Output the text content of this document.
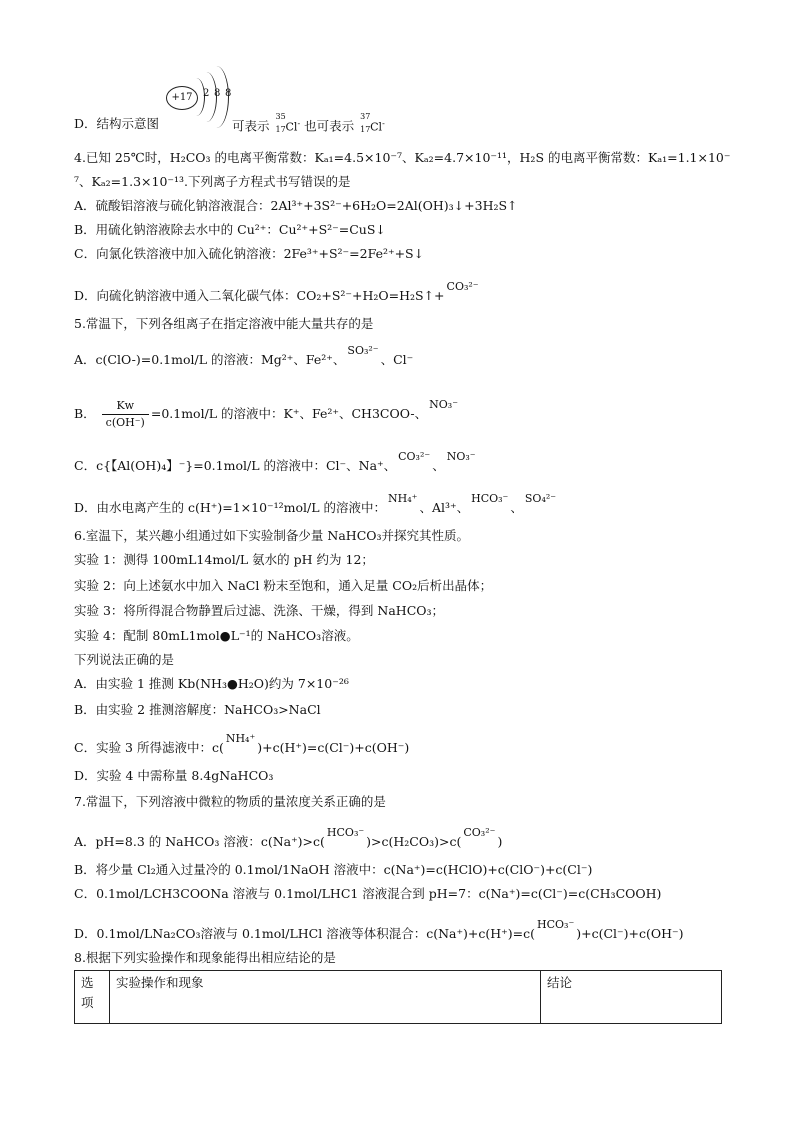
D．结构示意图
+17	2 8 8
可表示
35
17 Cl- 也可表示
37
17 Cl-
4.已知 25℃时，H₂CO₃ 的电离平衡常数：Kₐ₁=4.5×10⁻⁷、Kₐ₂=4.7×10⁻¹¹，H₂S 的电离平衡常数：Kₐ₁=1.1×10⁻
⁷、Kₐ₂=1.3×10⁻¹³.下列离子方程式书写错误的是
A．硫酸铝溶液与硫化钠溶液混合：2Al³⁺+3S²⁻+6H₂O=2Al(OH)₃↓+3H₂S↑
B．用硫化钠溶液除去水中的 Cu²⁺：Cu²⁺+S²⁻=CuS↓
C．向氯化铁溶液中加入硫化钠溶液：2Fe³⁺+S²⁻=2Fe²⁺+S↓
D．向硫化钠溶液中通入二氧化碳气体：CO₂+S²⁻+H₂O=H₂S↑+CO₃²⁻
5.常温下，下列各组离子在指定溶液中能大量共存的是
A．c(ClO-)=0.1mol/L 的溶液：Mg²⁺、Fe²⁺、SO₃²⁻、Cl⁻
B． $\frac{Kw}{c(OH^-)} =0.1mol/L$ 的溶液中：K⁺、Fe²⁺、CH3COO-、NO₃⁻
C．c{【Al(OH)₄】⁻}=0.1mol/L 的溶液中：Cl⁻、Na⁺、CO₃²⁻、NO₃⁻
D．由水电离产生的 c(H⁺)=1×10⁻¹²mol/L 的溶液中：NH₄⁺、Al³⁺、HCO₃⁻、SO₄²⁻
6.室温下，某兴趣小组通过如下实验制备少量 NaHCO₃并探究其性质。
实验 1：测得 100mL14mol/L 氨水的 pH 约为 12；
实验 2：向上述氨水中加入 NaCl 粉末至饱和，通入足量 CO₂后析出晶体；
实验 3：将所得混合物静置后过滤、洗涤、干燥，得到 NaHCO₃；
实验 4：配制 80mL1mol●L⁻¹的 NaHCO₃溶液。
下列说法正确的是
A．由实验 1 推测 Kb(NH₃●H₂O)约为 7×10⁻²⁶
B．由实验 2 推测溶解度：NaHCO₃>NaCl
C．实验 3 所得滤液中：c(NH₄⁺)+c(H⁺)=c(Cl⁻)+c(OH⁻)
D．实验 4 中需称量 8.4gNaHCO₃
7.常温下，下列溶液中微粒的物质的量浓度关系正确的是
A．pH=8.3 的 NaHCO₃ 溶液：c(Na⁺)>c(HCO₃⁻)>c(H₂CO₃)>c(CO₃²⁻)
B．将少量 Cl₂通入过量冷的 0.1mol/1NaOH 溶液中：c(Na⁺)=c(HClO)+c(ClO⁻)+c(Cl⁻)
C．0.1mol/LCH3COONa 溶液与 0.1mol/LHC1 溶液混合到 pH=7：c(Na⁺)=c(Cl⁻)=c(CH₃COOH)
D．0.1mol/LNa₂CO₃溶液与 0.1mol/LHCl 溶液等体积混合：c(Na⁺)+c(H⁺)=c(HCO₃⁻)+c(Cl⁻)+c(OH⁻)
8.根据下列实验操作和现象能得出相应结论的是
选项	实验操作和现象	结论
